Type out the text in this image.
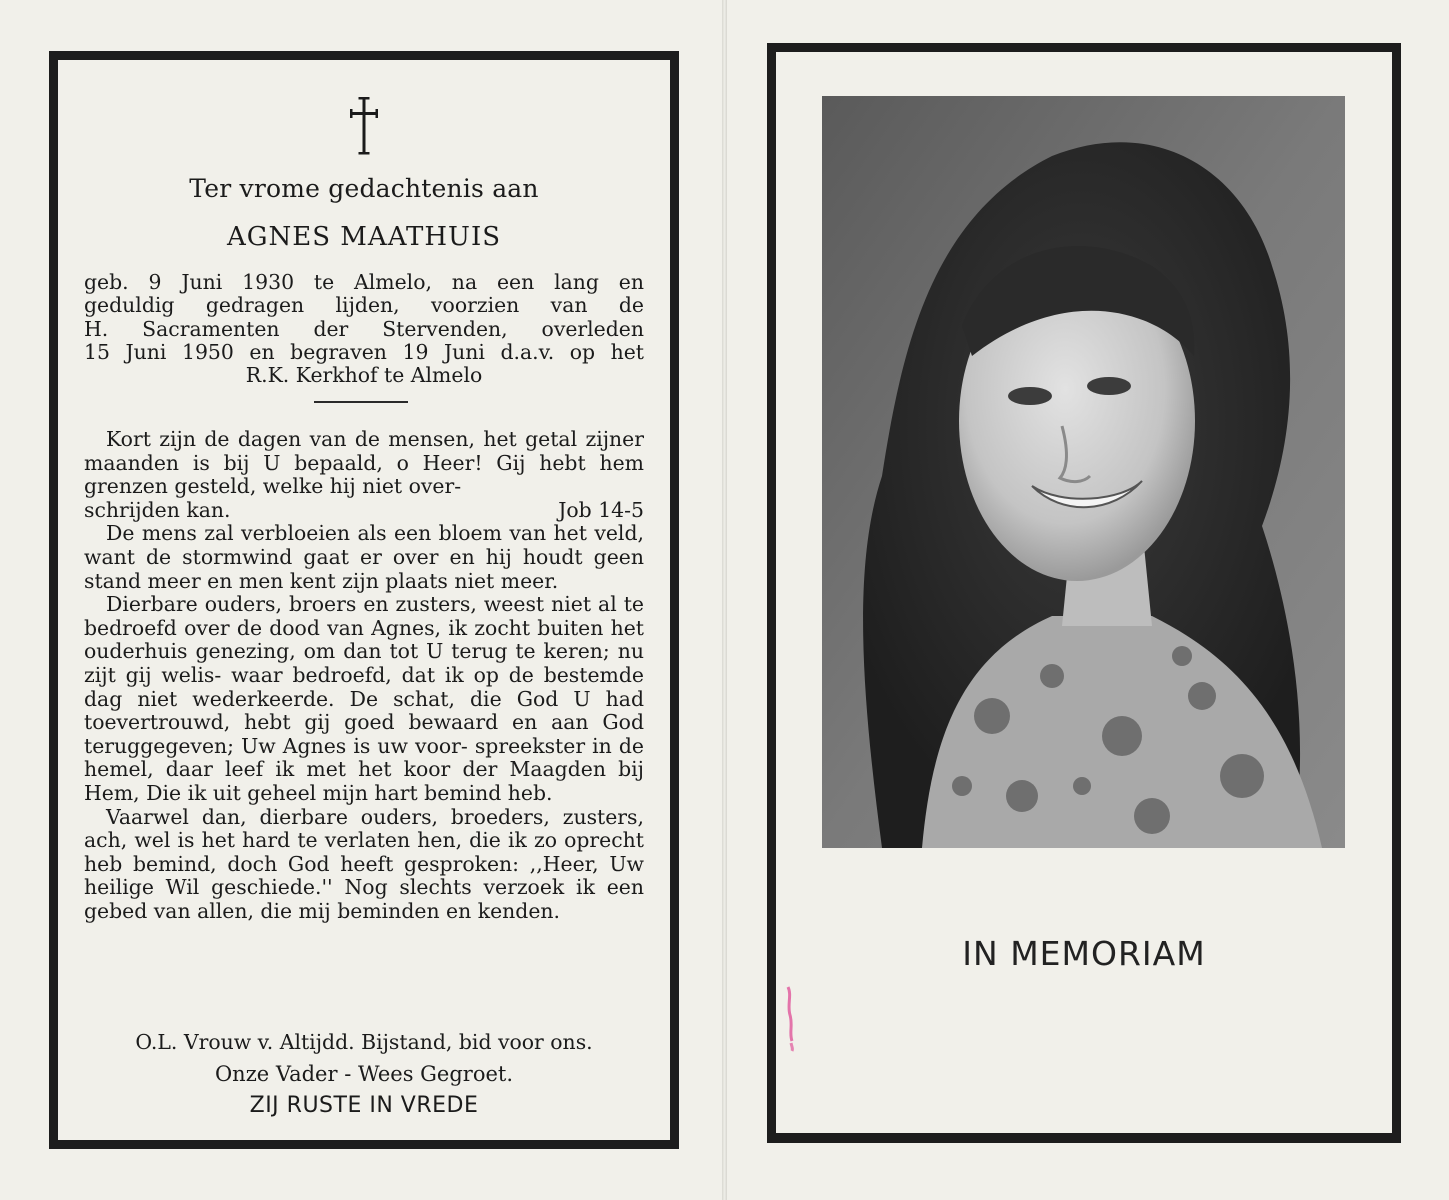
Ter vrome gedachtenis aan
AGNES MAATHUIS
geb. 9 Juni 1930 te Almelo, na een lang en
geduldig gedragen lijden, voorzien van de
H. Sacramenten der Stervenden, overleden
15 Juni 1950 en begraven 19 Juni d.a.v. op het
R.K. Kerkhof te Almelo

Kort zijn de dagen van de mensen, het getal zijner maanden is bij U bepaald, o Heer! Gij hebt hem grenzen gesteld, welke hij niet over-

schrijden kan.	Job 14-5

De mens zal verbloeien als een bloem van het veld, want de stormwind gaat er over en hij houdt geen stand meer en men kent zijn plaats niet meer.

Dierbare ouders, broers en zusters, weest niet al te bedroefd over de dood van Agnes, ik zocht buiten het ouderhuis genezing, om dan tot U terug te keren; nu zijt gij welis- waar bedroefd, dat ik op de bestemde dag niet wederkeerde. De schat, die God U had toevertrouwd, hebt gij goed bewaard en aan God teruggegeven; Uw Agnes is uw voor- spreekster in de hemel, daar leef ik met het koor der Maagden bij Hem, Die ik uit geheel mijn hart bemind heb.

Vaarwel dan, dierbare ouders, broeders, zusters, ach, wel is het hard te verlaten hen, die ik zo oprecht heb bemind, doch God heeft gesproken: ,,Heer, Uw heilige Wil geschiede.'' Nog slechts verzoek ik een gebed van allen, die mij beminden en kenden.

O.L. Vrouw v. Altijdd. Bijstand, bid voor ons.
Onze Vader - Wees Gegroet.
ZIJ RUSTE IN VREDE
IN MEMORIAM
